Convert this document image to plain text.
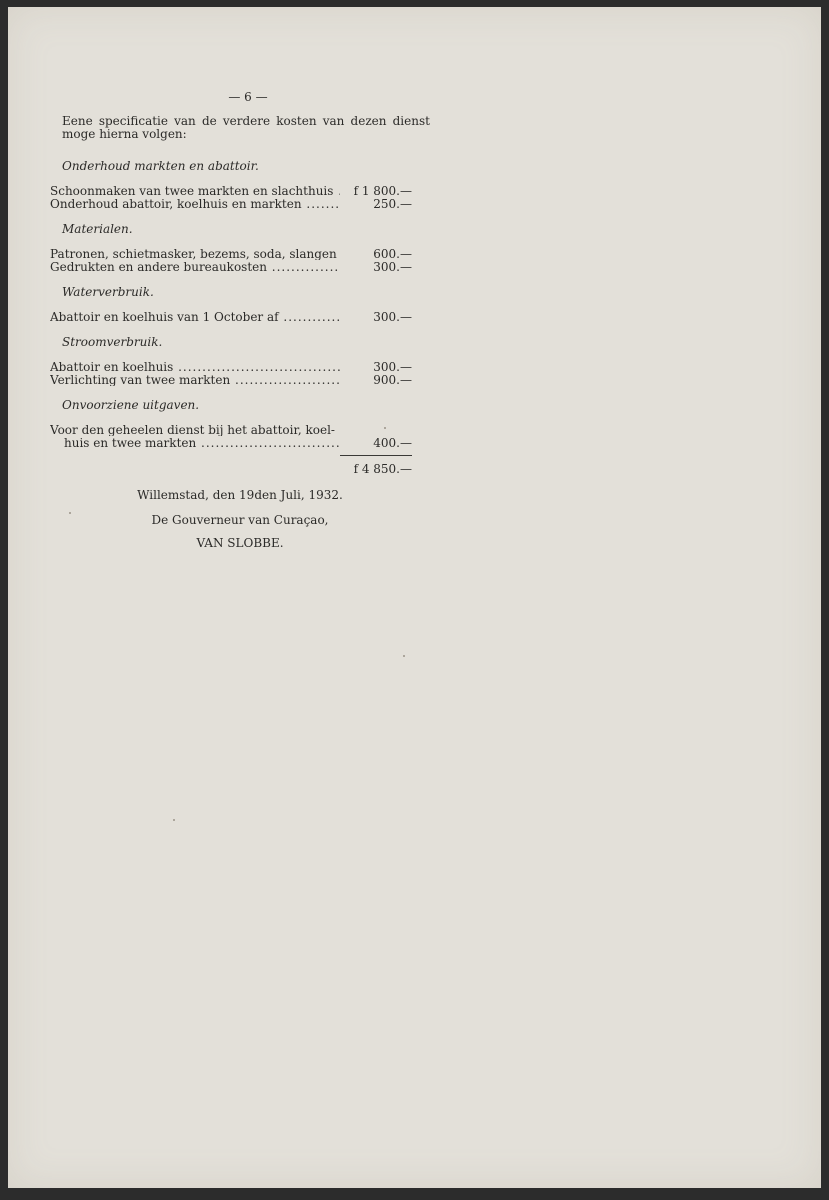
— 6 —
Eene specificatie van de verdere kosten van dezen dienst
moge hierna volgen:
Onderhoud markten en abattoir.
Schoonmaken van twee markten en slachthuis .....	f 1 800.—
Onderhoud abattoir, koelhuis en markten .....	250.—
Materialen.
Patronen, schietmasker, bezems, soda, slangen .....	600.—
Gedrukten en andere bureaukosten .....	300.—
Waterverbruik.
Abattoir en koelhuis van 1 October af .....	300.—
Stroomverbruik.
Abattoir en koelhuis .....	300.—
Verlichting van twee markten .....	900.—
Onvoorziene uitgaven.
Voor den geheelen dienst bij het abattoir, koel-
huis en twee markten .....	400.—
f 4 850.—
Willemstad, den 19den Juli, 1932.
De Gouverneur van Curaçao,
VAN SLOBBE.
